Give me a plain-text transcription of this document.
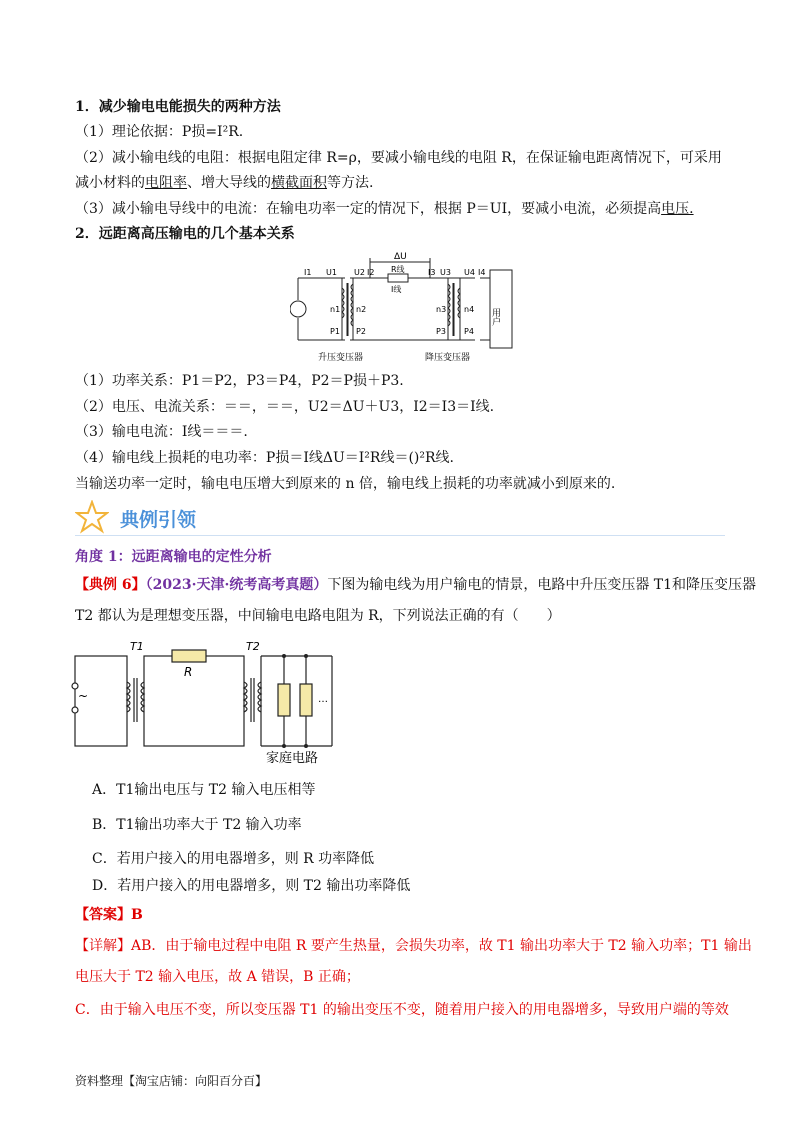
1．减少输电电能损失的两种方法
（1）理论依据：P损=I²R.
（2）减小输电线的电阻：根据电阻定律 R=ρ，要减小输电线的电阻 R，在保证输电距离情况下，可采用
减小材料的电阻率、增大导线的横截面积等方法.
（3）减小输电导线中的电流：在输电功率一定的情况下，根据 P＝UI，要减小电流，必须提高电压.
2．远距离高压输电的几个基本关系
ΔU
I1 U1 U2 I2 R线
I线
I3 U3 U4 I4
n1 n2	n3 n4
P1 P2	P3 P4
用户
升压变压器	降压变压器
（1）功率关系：P1＝P2，P3＝P4，P2＝P损＋P3.
（2）电压、电流关系：＝＝，＝＝，U2＝ΔU＋U3，I2＝I3＝I线.
（3）输电电流：I线＝＝＝.
（4）输电线上损耗的电功率：P损＝I线ΔU＝I²R线＝()²R线.
当输送功率一定时，输电电压增大到原来的 n 倍，输电线上损耗的功率就减小到原来的.
典例引领
角度 1：远距离输电的定性分析
【典例 6】（2023·天津·统考高考真题）下图为输电线为用户输电的情景，电路中升压变压器 T1和降压变压器
T2 都认为是理想变压器，中间输电电路电阻为 R，下列说法正确的有（　　）
~
T1
R
T2
…
家庭电路
A．T1输出电压与 T2 输入电压相等
B．T1输出功率大于 T2 输入功率
C．若用户接入的用电器增多，则 R 功率降低
D．若用户接入的用电器增多，则 T2 输出功率降低
【答案】B
【详解】AB．由于输电过程中电阻 R 要产生热量，会损失功率，故 T1 输出功率大于 T2 输入功率；T1 输出
电压大于 T2 输入电压，故 A 错误，B 正确；
C．由于输入电压不变，所以变压器 T1 的输出变压不变，随着用户接入的用电器增多，导致用户端的等效
资料整理【淘宝店铺：向阳百分百】
